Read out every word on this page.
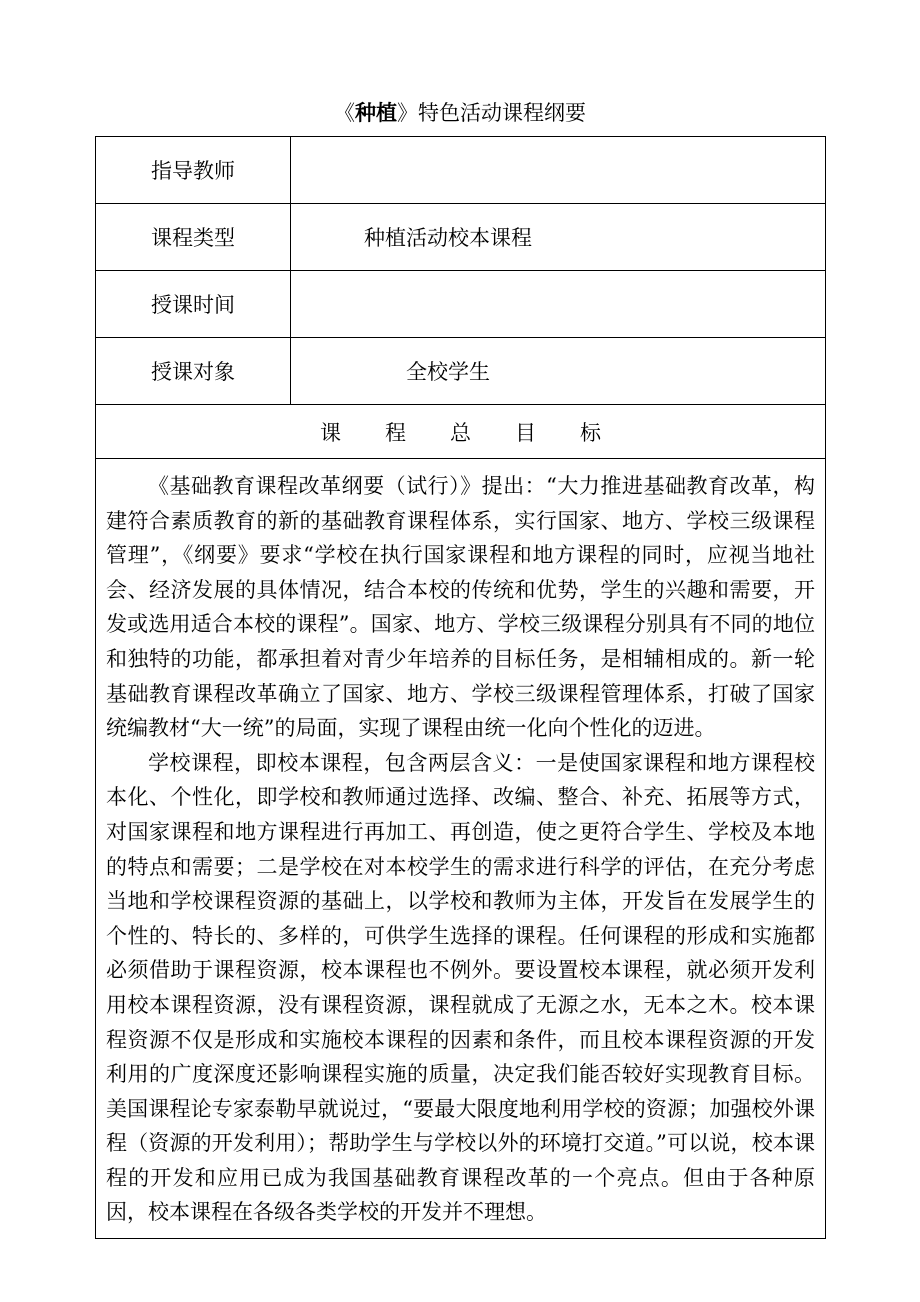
《种植》特色活动课程纲要
指导教师	
课程类型	种植活动校本课程
授课时间	
授课对象	全校学生
课程总目标	

《基础教育课程改革纲要（试行）》提出：“大力推进基础教育改革，构建符合素质教育的新的基础教育课程体系，实行国家、地方、学校三级课程管理”，《纲要》要求“学校在执行国家课程和地方课程的同时，应视当地社会、经济发展的具体情况，结合本校的传统和优势，学生的兴趣和需要，开发或选用适合本校的课程”。国家、地方、学校三级课程分别具有不同的地位和独特的功能，都承担着对青少年培养的目标任务，是相辅相成的。新一轮基础教育课程改革确立了国家、地方、学校三级课程管理体系，打破了国家统编教材“大一统”的局面，实现了课程由统一化向个性化的迈进。

学校课程，即校本课程，包含两层含义：一是使国家课程和地方课程校本化、个性化，即学校和教师通过选择、改编、整合、补充、拓展等方式，对国家课程和地方课程进行再加工、再创造，使之更符合学生、学校及本地的特点和需要；二是学校在对本校学生的需求进行科学的评估，在充分考虑当地和学校课程资源的基础上，以学校和教师为主体，开发旨在发展学生的个性的、特长的、多样的，可供学生选择的课程。任何课程的形成和实施都必须借助于课程资源，校本课程也不例外。要设置校本课程，就必须开发利用校本课程资源，没有课程资源，课程就成了无源之水，无本之木。校本课程资源不仅是形成和实施校本课程的因素和条件，而且校本课程资源的开发利用的广度深度还影响课程实施的质量，决定我们能否较好实现教育目标。美国课程论专家泰勒早就说过，“要最大限度地利用学校的资源；加强校外课程（资源的开发利用）；帮助学生与学校以外的环境打交道。”可以说，校本课程的开发和应用已成为我国基础教育课程改革的一个亮点。但由于各种原因，校本课程在各级各类学校的开发并不理想。	
